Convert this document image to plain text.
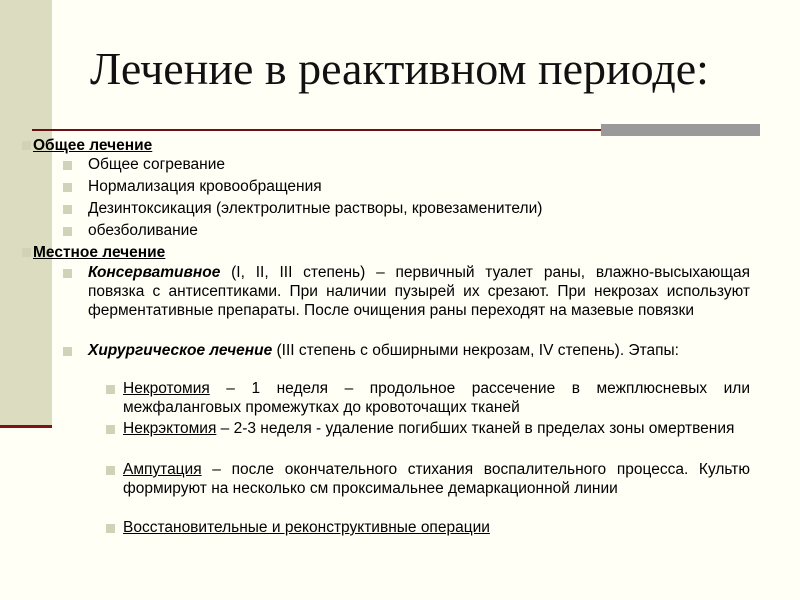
Лечение в реактивном периоде:
Общее лечение
Общее согревание
Нормализация кровообращения
Дезинтоксикация (электролитные растворы, кровезаменители)
обезболивание
Местное лечение
Консервативное (I, II, III степень) – первичный туалет раны, влажно-высыхающая повязка с антисептиками. При наличии пузырей их срезают. При некрозах используют ферментативные препараты. После очищения раны переходят на мазевые повязки
Хирургическое лечение (III степень с обширными некрозам, IV степень). Этапы:
Некротомия – 1 неделя – продольное рассечение в межплюсневых или межфаланговых промежутках до кровоточащих тканей
Некрэктомия – 2-3 неделя - удаление погибших тканей в пределах зоны омертвения
Ампутация – после окончательного стихания воспалительного процесса. Культю формируют на несколько см проксимальнее демаркационной линии
Восстановительные и реконструктивные операции
